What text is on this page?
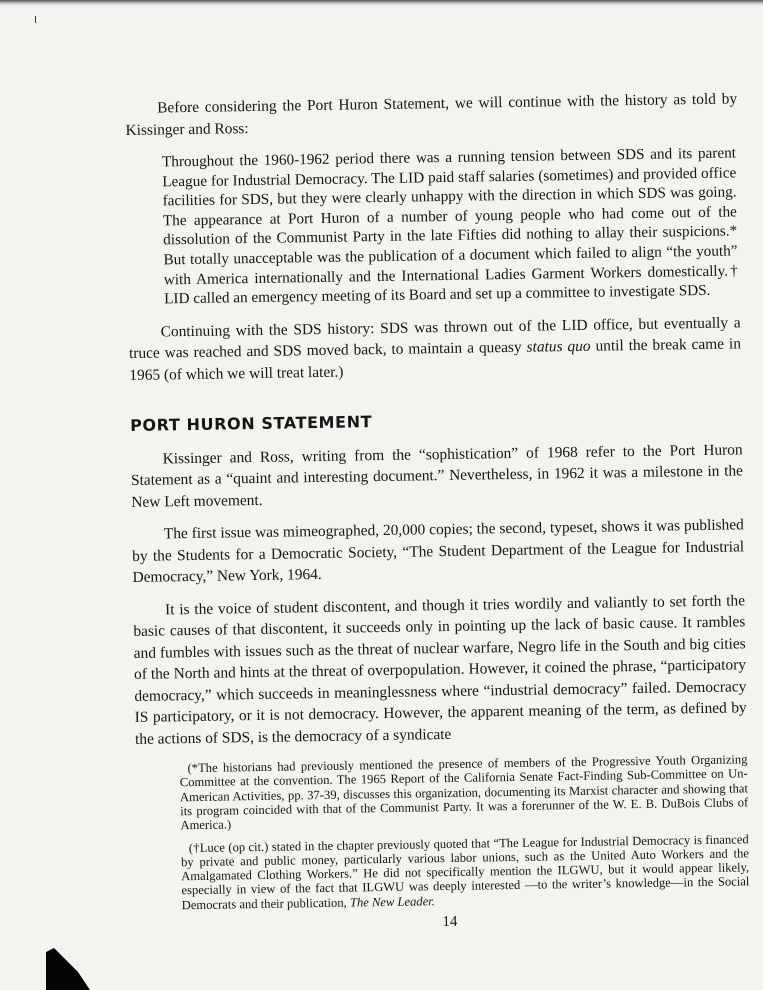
Before considering the Port Huron Statement, we will continue with the history as told by Kissinger and Ross:

Throughout the 1960-1962 period there was a running tension between SDS and its parent League for Industrial Democracy. The LID paid staff salaries (sometimes) and provided office facilities for SDS, but they were clearly unhappy with the direction in which SDS was going. The appearance at Port Huron of a number of young people who had come out of the dissolution of the Communist Party in the late Fifties did nothing to allay their suspicions.* But totally unacceptable was the publication of a document which failed to align “the youth” with America internationally and the International Ladies Garment Workers domestically.† LID called an emergency meeting of its Board and set up a committee to investigate SDS.

Continuing with the SDS history: SDS was thrown out of the LID office, but eventually a truce was reached and SDS moved back, to maintain a queasy status quo until the break came in 1965 (of which we will treat later.)

PORT HURON STATEMENT

Kissinger and Ross, writing from the “sophistication” of 1968 refer to the Port Huron Statement as a “quaint and interesting document.” Nevertheless, in 1962 it was a milestone in the New Left movement.

The first issue was mimeographed, 20,000 copies; the second, typeset, shows it was published by the Students for a Democratic Society, “The Student Department of the League for Industrial Democracy,” New York, 1964.

It is the voice of student discontent, and though it tries wordily and valiantly to set forth the basic causes of that discontent, it succeeds only in pointing up the lack of basic cause. It rambles and fumbles with issues such as the threat of nuclear warfare, Negro life in the South and big cities of the North and hints at the threat of overpopulation. However, it coined the phrase, “participatory democracy,” which succeeds in meaninglessness where “industrial democracy” failed. Democracy IS participatory, or it is not democracy. However, the apparent meaning of the term, as defined by the actions of SDS, is the democracy of a syndicate

(*The historians had previously mentioned the presence of members of the Progressive Youth Organizing Committee at the convention. The 1965 Report of the California Senate Fact-Finding Sub-Committee on Un-American Activities, pp. 37-39, discusses this organization, documenting its Marxist character and showing that its program coincided with that of the Communist Party. It was a forerunner of the W. E. B. DuBois Clubs of America.)

(†Luce (op cit.) stated in the chapter previously quoted that “The League for Industrial Democracy is financed by private and public money, particularly various labor unions, such as the United Auto Workers and the Amalgamated Clothing Workers.” He did not specifically mention the ILGWU, but it would appear likely, especially in view of the fact that ILGWU was deeply interested —to the writer’s knowledge—in the Social Democrats and their publication, The New Leader.

14
